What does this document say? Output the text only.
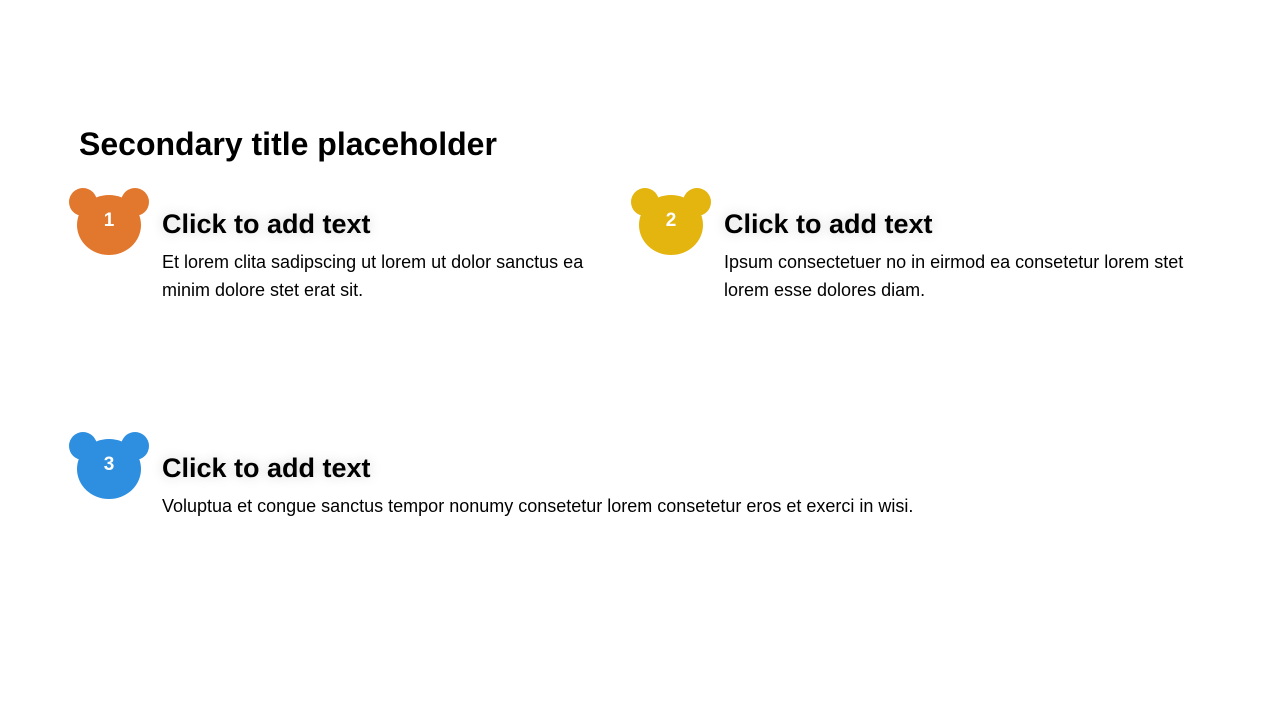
Secondary title placeholder
1	Click to add text
Et lorem clita sadipscing ut lorem ut dolor sanctus ea minim dolore stet erat sit.
2	Click to add text
Ipsum consectetuer no in eirmod ea consetetur lorem stet lorem esse dolores diam.
3	Click to add text
Voluptua et congue sanctus tempor nonumy consetetur lorem consetetur eros et exerci in wisi.
